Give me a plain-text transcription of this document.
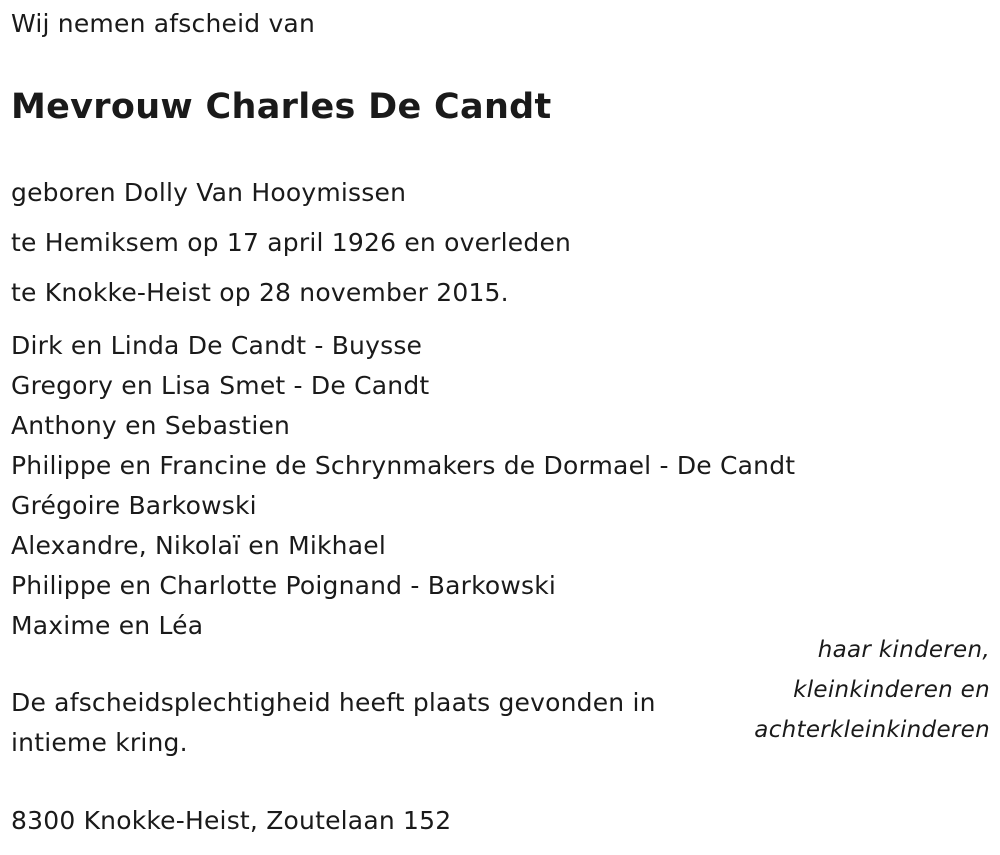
Wij nemen afscheid van
Mevrouw Charles De Candt
geboren Dolly Van Hooymissen
te Hemiksem op 17 april 1926 en overleden
te Knokke-Heist op 28 november 2015.
Dirk en Linda De Candt - Buysse
Gregory en Lisa Smet - De Candt
Anthony en Sebastien
Philippe en Francine de Schrynmakers de Dormael - De Candt
Grégoire Barkowski
Alexandre, Nikolaï en Mikhael
Philippe en Charlotte Poignand - Barkowski
Maxime en Léa
haar kinderen,
kleinkinderen en
achterkleinkinderen
De afscheidsplechtigheid heeft plaats gevonden in intieme kring.
8300 Knokke-Heist, Zoutelaan 152
